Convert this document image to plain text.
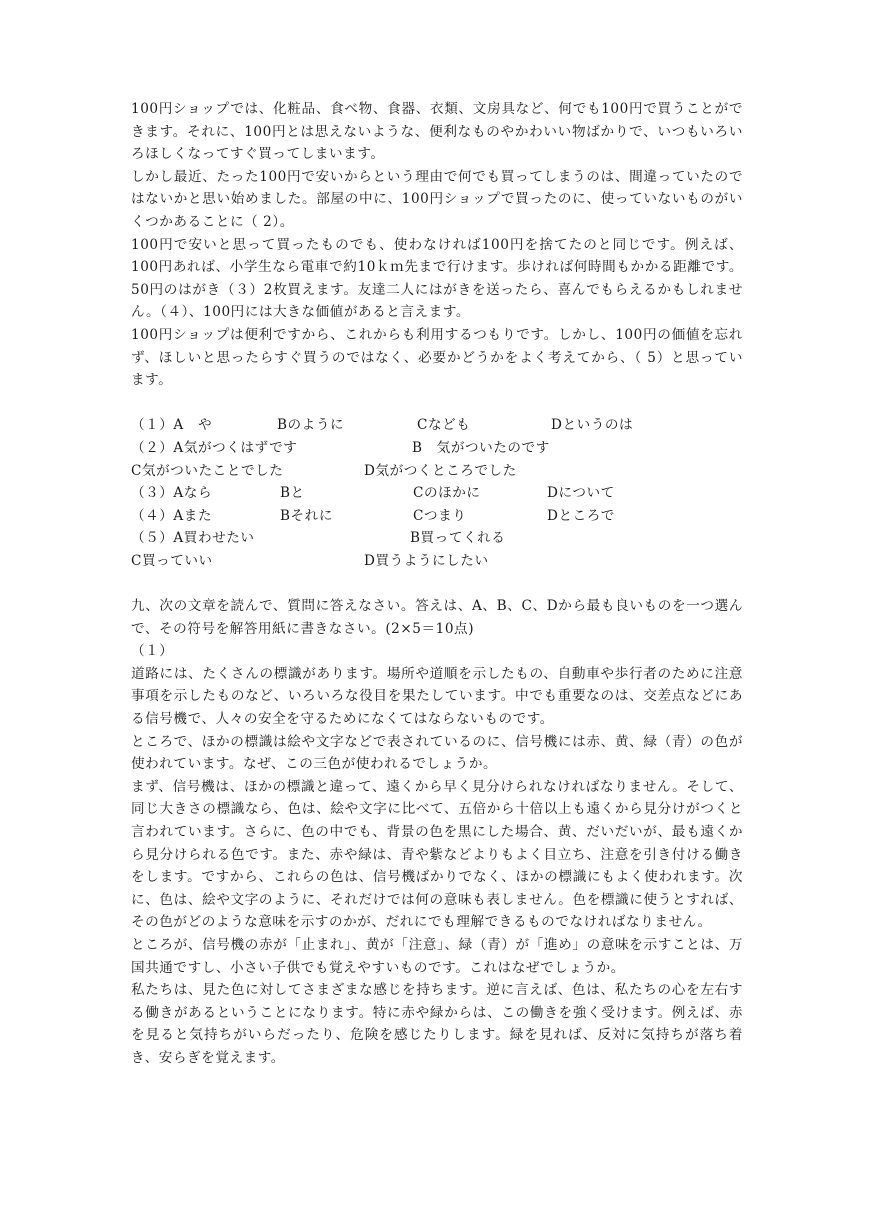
100円ショップでは、化粧品、食べ物、食器、衣類、文房具など、何でも100円で買うことができます。それに、100円とは思えないような、便利なものやかわいい物ばかりで、いつもいろいろほしくなってすぐ買ってしまいます。

しかし最近、たった100円で安いからという理由で何でも買ってしまうのは、間違っていたのではないかと思い始めました。部屋の中に、100円ショップで買ったのに、使っていないものがいくつかあることに（ 2）。

100円で安いと思って買ったものでも、使わなければ100円を捨てたのと同じです。例えば、100円あれば、小学生なら電車で約10ｋｍ先まで行けます。歩ければ何時間もかかる距離です。50円のはがき（３）2枚買えます。友達二人にはがきを送ったら、喜んでもらえるかもしれません。（４）、100円には大きな価値があると言えます。

100円ショップは便利ですから、これからも利用するつもりです。しかし、100円の価値を忘れず、ほしいと思ったらすぐ買うのではなく、必要かどうかをよく考えてから、（ 5）と思っています。

（１）A　や	Bのように	Cなども	Dというのは
（２）A気がつくはずです	B　気がついたのです
C気がついたことでした	D気がつくところでした
（３）Aなら	Bと	Cのほかに	Dについて
（４）Aまた	Bそれに	Cつまり	Dところで
（５）A買わせたい	B買ってくれる
C買っていい	D買うようにしたい

九、次の文章を読んで、質問に答えなさい。答えは、A、B、C、Dから最も良いものを一つ選んで、その符号を解答用紙に書きなさい。(2×5＝10点)

（１）

道路には、たくさんの標識があります。場所や道順を示したもの、自動車や歩行者のために注意事項を示したものなど、いろいろな役目を果たしています。中でも重要なのは、交差点などにある信号機で、人々の安全を守るためになくてはならないものです。

ところで、ほかの標識は絵や文字などで表されているのに、信号機には赤、黄、緑（青）の色が使われています。なぜ、この三色が使われるでしょうか。

まず、信号機は、ほかの標識と違って、遠くから早く見分けられなければなりません。そして、同じ大きさの標識なら、色は、絵や文字に比べて、五倍から十倍以上も遠くから見分けがつくと言われています。さらに、色の中でも、背景の色を黒にした場合、黄、だいだいが、最も遠くから見分けられる色です。また、赤や緑は、青や紫などよりもよく目立ち、注意を引き付ける働きをします。ですから、これらの色は、信号機ばかりでなく、ほかの標識にもよく使われます。次に、色は、絵や文字のように、それだけでは何の意味も表しません。色を標識に使うとすれば、その色がどのような意味を示すのかが、だれにでも理解できるものでなければなりません。

ところが、信号機の赤が「止まれ」、黄が「注意」、緑（青）が「進め」の意味を示すことは、万国共通ですし、小さい子供でも覚えやすいものです。これはなぜでしょうか。

私たちは、見た色に対してさまざまな感じを持ちます。逆に言えば、色は、私たちの心を左右する働きがあるということになります。特に赤や緑からは、この働きを強く受けます。例えば、赤を見ると気持ちがいらだったり、危険を感じたりします。緑を見れば、反対に気持ちが落ち着き、安らぎを覚えます。
